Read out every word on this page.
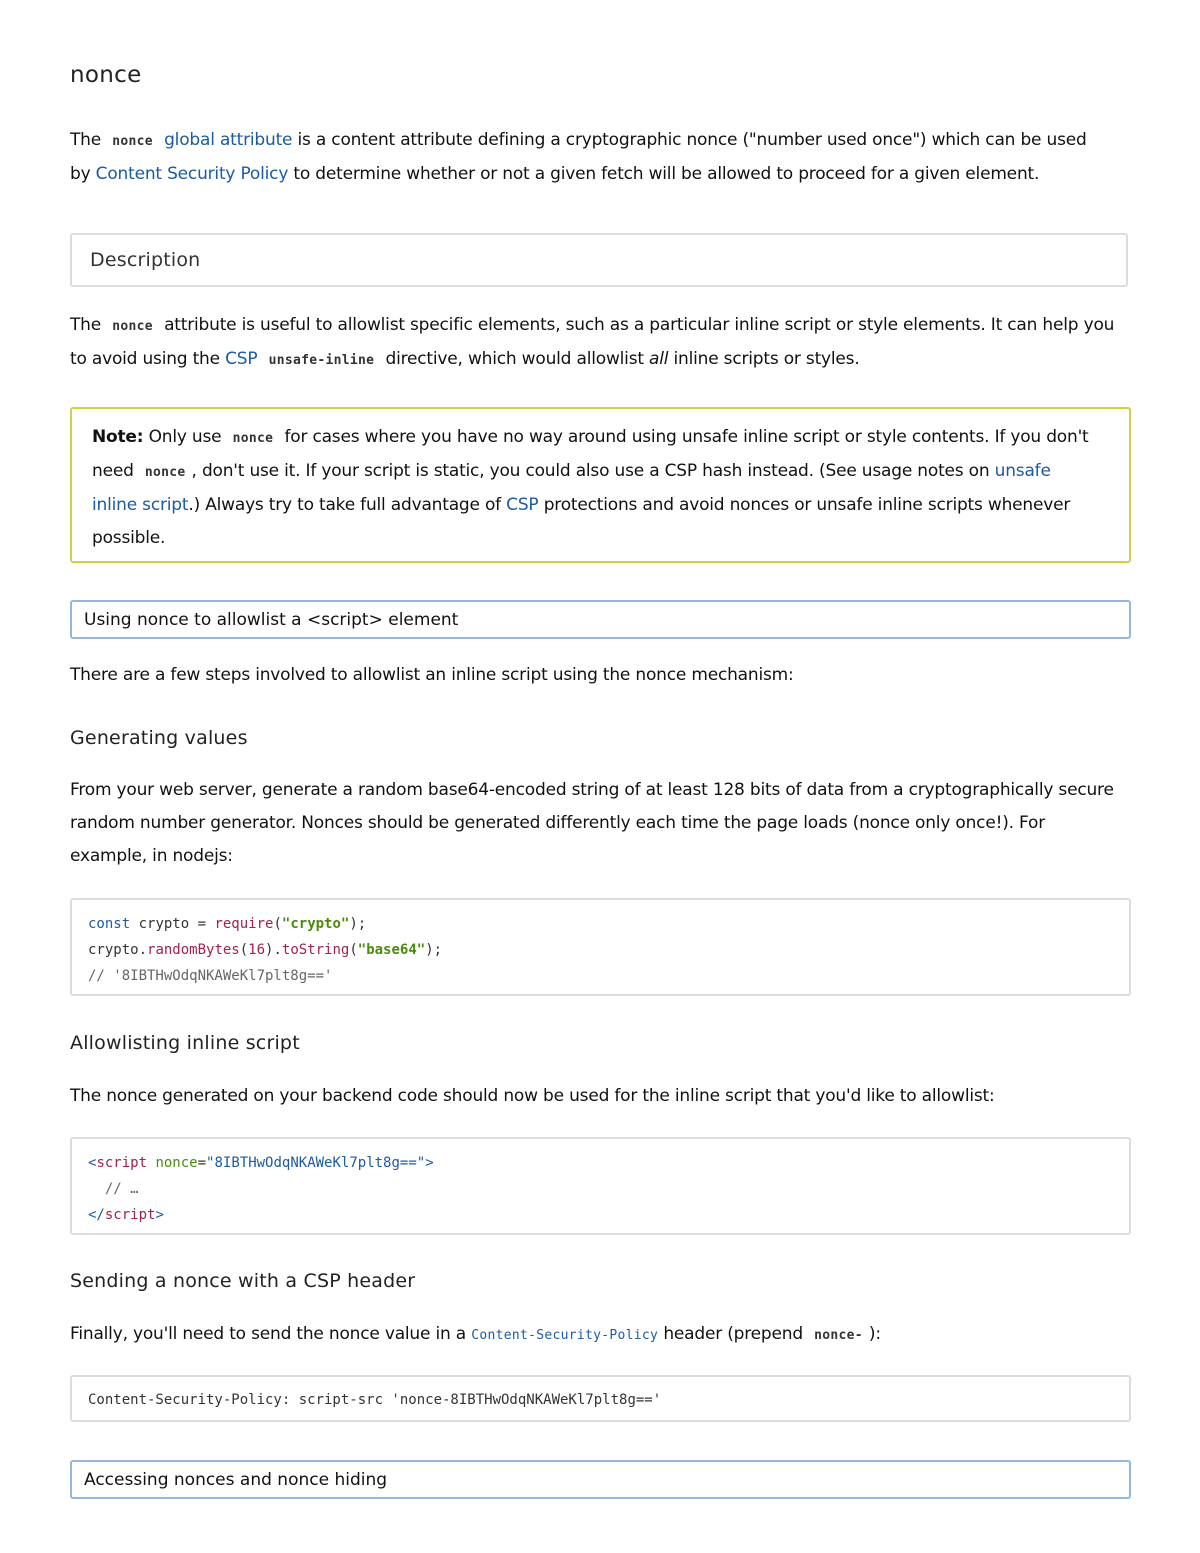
nonce

The nonce global attribute is a content attribute defining a cryptographic nonce ("number used once") which can be used
by Content Security Policy to determine whether or not a given fetch will be allowed to proceed for a given element.

Description

The nonce attribute is useful to allowlist specific elements, such as a particular inline script or style elements. It can help you
to avoid using the CSP unsafe-inline directive, which would allowlist all inline scripts or styles.

Note: Only use nonce for cases where you have no way around using unsafe inline script or style contents. If you don't
need nonce , don't use it. If your script is static, you could also use a CSP hash instead. (See usage notes on unsafe
inline script.) Always try to take full advantage of CSP protections and avoid nonces or unsafe inline scripts whenever
possible.

Using nonce to allowlist a <script> element

There are a few steps involved to allowlist an inline script using the nonce mechanism:

Generating values

From your web server, generate a random base64-encoded string of at least 128 bits of data from a cryptographically secure
random number generator. Nonces should be generated differently each time the page loads (nonce only once!). For
example, in nodejs:

const crypto = require("crypto");
crypto.randomBytes(16).toString("base64");
// '8IBTHwOdqNKAWeKl7plt8g=='
Allowlisting inline script

The nonce generated on your backend code should now be used for the inline script that you'd like to allowlist:

<script nonce="8IBTHwOdqNKAWeKl7plt8g==">
// …
</script>
Sending a nonce with a CSP header

Finally, you'll need to send the nonce value in a Content-Security-Policy header (prepend nonce- ):

Content-Security-Policy: script-src 'nonce-8IBTHwOdqNKAWeKl7plt8g=='
Accessing nonces and nonce hiding
